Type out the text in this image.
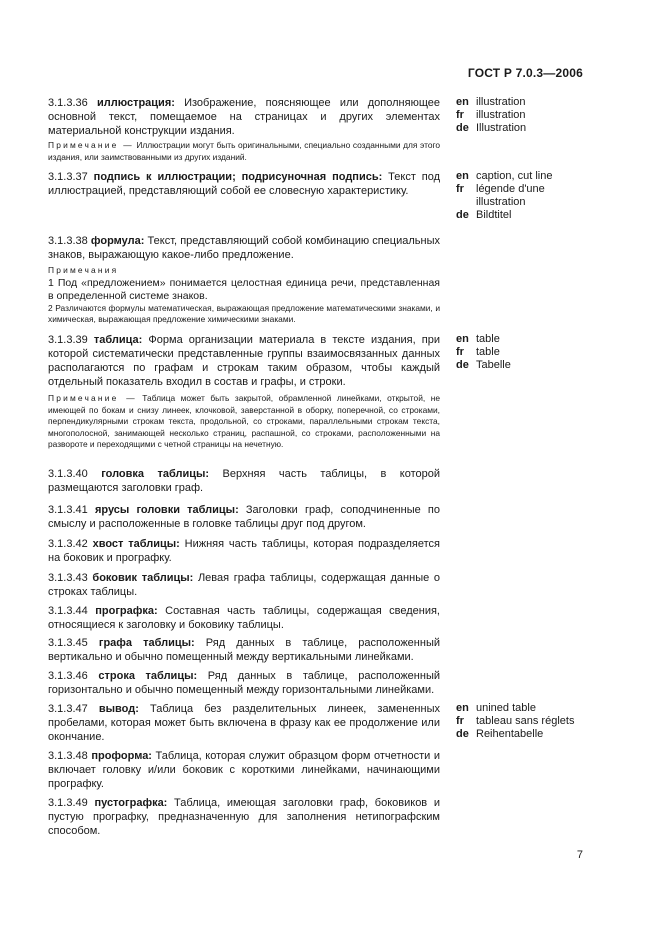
ГОСТ Р 7.0.3—2006
3.1.3.36 иллюстрация: Изображение, поясняющее или дополняющее основной текст, помещаемое на страницах и других элементах материальной конструкции издания.
en illustration
fr	illustration
de Illustration
Примечание — Иллюстрации могут быть оригинальными, специально созданными для этого издания, или заимствованными из других изданий.
3.1.3.37 подпись к иллюстрации; подрисуночная подпись: Текст под иллюстрацией, представляющий собой ее словесную характеристику.
en caption, cut line
fr	légende d'une illustration
de Bildtitel
3.1.3.38 формула: Текст, представляющий собой комбинацию специальных знаков, выражающую какое-либо предложение.
Примечания
1 Под «предложением» понимается целостная единица речи, представленная в определенной системе знаков.
2 Различаются формулы математическая, выражающая предложение математическими знаками, и химическая, выражающая предложение химическими знаками.
3.1.3.39 таблица: Форма организации материала в тексте издания, при которой систематически представленные группы взаимосвязанных данных располагаются по графам и строкам таким образом, чтобы каждый отдельный показатель входил в состав и графы, и строки.
en table
fr	table
de Tabelle
Примечание — Таблица может быть закрытой, обрамленной линейками, открытой, не имеющей по бокам и снизу линеек, клочковой, заверстанной в оборку, поперечной, со строками, перпендикулярными строкам текста, продольной, со строками, параллельными строкам текста, многополосной, занимающей несколько страниц, распашной, со строками, расположенными на развороте и переходящими с четной страницы на нечетную.
3.1.3.40 головка таблицы: Верхняя часть таблицы, в которой размещаются заголовки граф.
3.1.3.41 ярусы головки таблицы: Заголовки граф, соподчиненные по смыслу и расположенные в головке таблицы друг под другом.
3.1.3.42 хвост таблицы: Нижняя часть таблицы, которая подразделяется на боковик и прографку.
3.1.3.43 боковик таблицы: Левая графа таблицы, содержащая данные о строках таблицы.
3.1.3.44 прографка: Составная часть таблицы, содержащая сведения, относящиеся к заголовку и боковику таблицы.
3.1.3.45 графа таблицы: Ряд данных в таблице, расположенный вертикально и обычно помещенный между вертикальными линейками.
3.1.3.46 строка таблицы: Ряд данных в таблице, расположенный горизонтально и обычно помещенный между горизонтальными линейками.
3.1.3.47 вывод: Таблица без разделительных линеек, замененных пробелами, которая может быть включена в фразу как ее продолжение или окончание.
en unined table
fr	tableau sans réglets
de Reihentabelle
3.1.3.48 проформа: Таблица, которая служит образцом форм отчетности и включает головку и/или боковик с короткими линейками, начинающими прографку.
3.1.3.49 пустографка: Таблица, имеющая заголовки граф, боковиков и пустую прографку, предназначенную для заполнения нетипографским способом.
7
